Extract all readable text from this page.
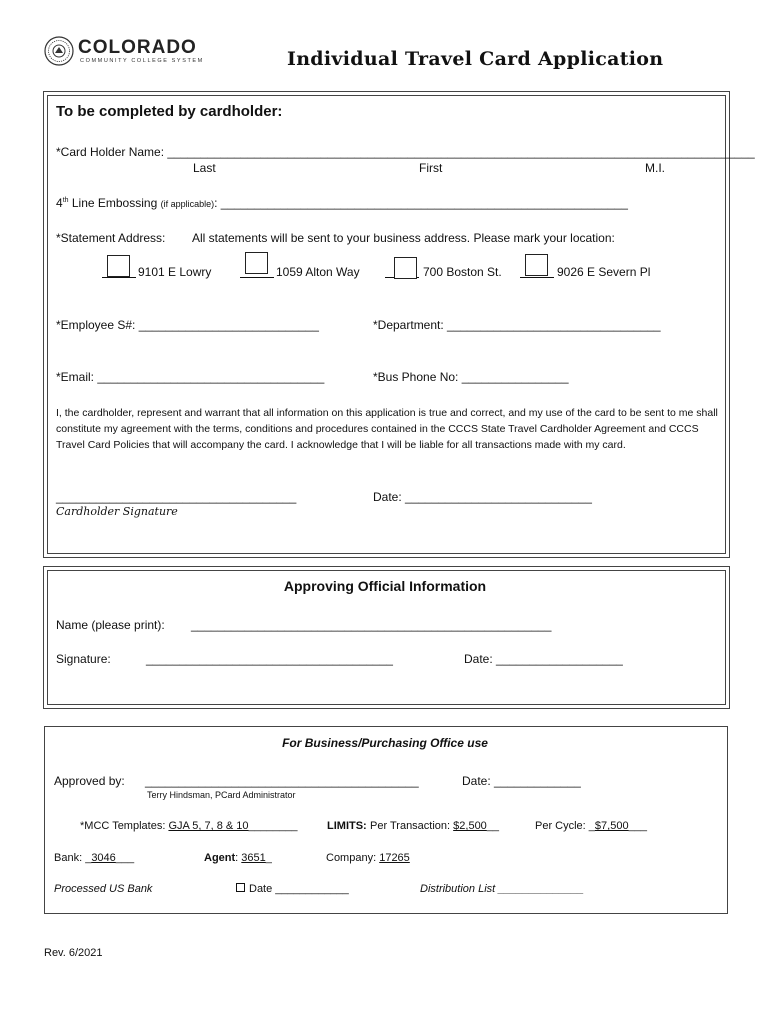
COLORADO
COMMUNITY COLLEGE SYSTEM	Individual Travel Card Application
To be completed by cardholder:
*Card Holder Name: ________________________________________________________________________________________
Last	First	M.I.
4th Line Embossing (if applicable): _____________________________________________________________
*Statement Address: All statements will be sent to your business address. Please mark your location:
9101 E Lowry	1059 Alton Way	700 Boston St.	9026 E Severn Pl
*Employee S#: ___________________________	*Department: ________________________________
*Email: __________________________________	*Bus Phone No: ________________
I, the cardholder, represent and warrant that all information on this application is true and correct, and my use of the card to be sent to me shall constitute my agreement with the terms, conditions and procedures contained in the CCCS State Travel Cardholder Agreement and CCCS Travel Card Policies that will accompany the card. I acknowledge that I will be liable for all transactions made with my card.
____________________________________	Date: ____________________________
Cardholder Signature
Approving Official Information
Name (please print): ______________________________________________________
Signature:	_____________________________________	Date: ___________________
For Business/Purchasing Office use
Approved by: _________________________________________	Date: _____________
Terry Hindsman, PCard Administrator
*MCC Templates: GJA 5, 7, 8 & 10________	LIMITS: Per Transaction: $2,500__	Per Cycle: _$7,500___
Bank: _3046___	Agent: 3651_	Company: 17265
Processed US Bank	Date ____________	Distribution List ______________
Rev. 6/2021
